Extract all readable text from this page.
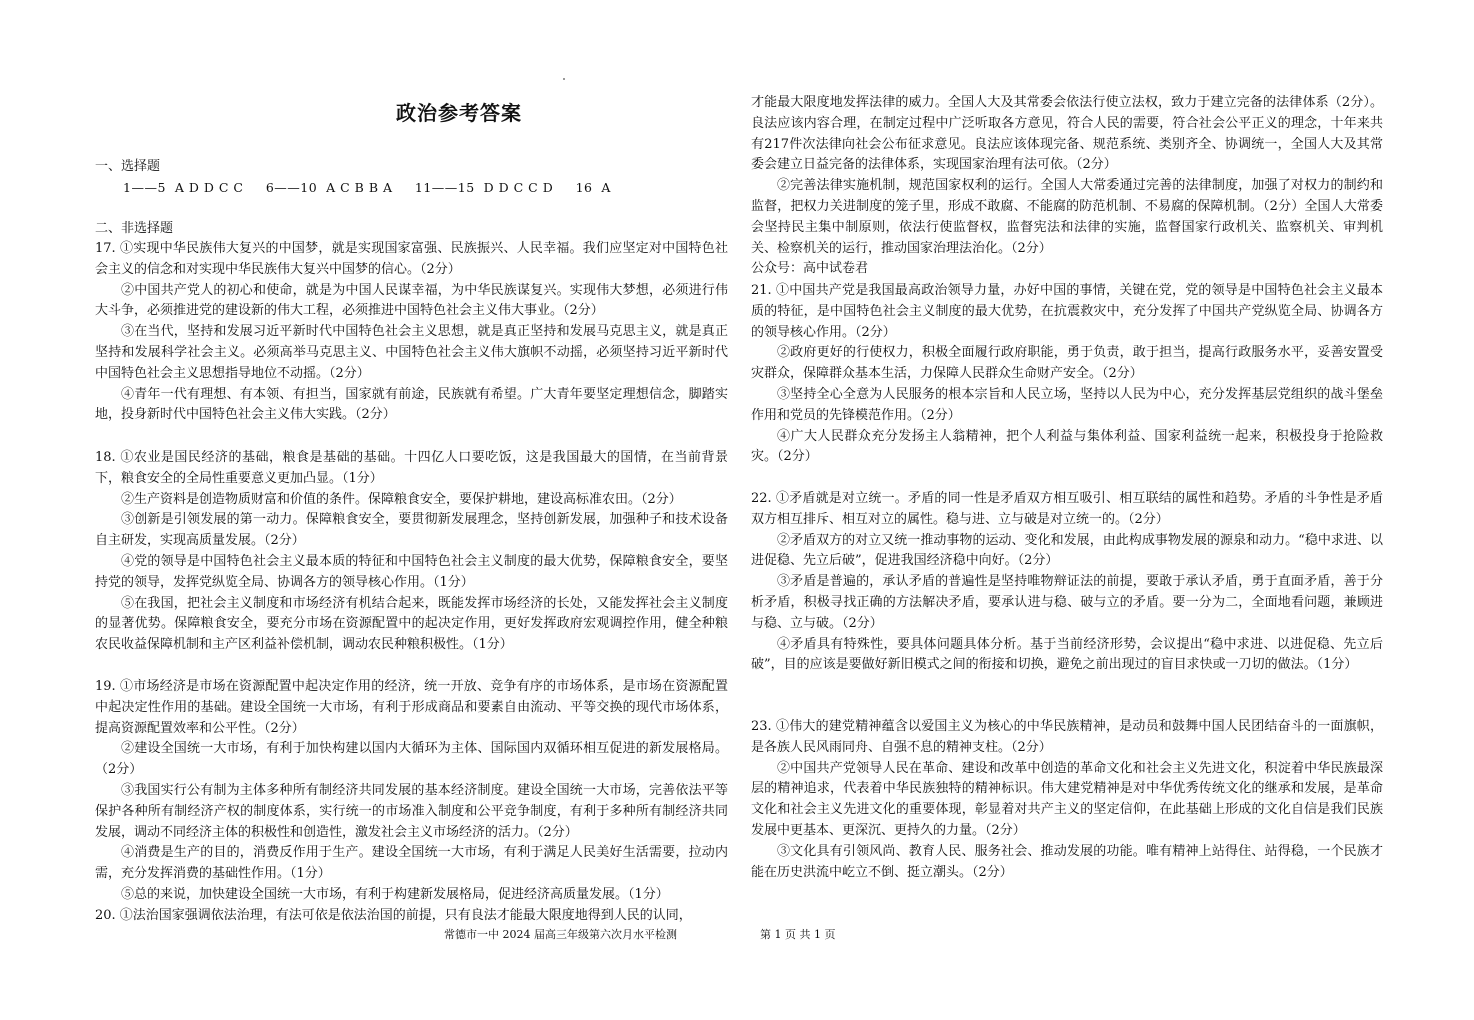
政治参考答案
一、选择题
1——5  A D D C C     6——10  A C B B A     11——15  D D C C D     16  A
二、非选择题

17. ①实现中华民族伟大复兴的中国梦，就是实现国家富强、民族振兴、人民幸福。我们应坚定对中国特色社会主义的信念和对实现中华民族伟大复兴中国梦的信心。（2分）

②中国共产党人的初心和使命，就是为中国人民谋幸福，为中华民族谋复兴。实现伟大梦想，必须进行伟大斗争，必须推进党的建设新的伟大工程，必须推进中国特色社会主义伟大事业。（2分）

③在当代，坚持和发展习近平新时代中国特色社会主义思想，就是真正坚持和发展马克思主义，就是真正坚持和发展科学社会主义。必须高举马克思主义、中国特色社会主义伟大旗帜不动摇，必须坚持习近平新时代中国特色社会主义思想指导地位不动摇。（2分）

④青年一代有理想、有本领、有担当，国家就有前途，民族就有希望。广大青年要坚定理想信念，脚踏实地，投身新时代中国特色社会主义伟大实践。（2分）

18. ①农业是国民经济的基础，粮食是基础的基础。十四亿人口要吃饭，这是我国最大的国情，在当前背景下，粮食安全的全局性重要意义更加凸显。（1分）

②生产资料是创造物质财富和价值的条件。保障粮食安全，要保护耕地，建设高标准农田。（2分）

③创新是引领发展的第一动力。保障粮食安全，要贯彻新发展理念，坚持创新发展，加强种子和技术设备自主研发，实现高质量发展。（2分）

④党的领导是中国特色社会主义最本质的特征和中国特色社会主义制度的最大优势，保障粮食安全，要坚持党的领导，发挥党纵览全局、协调各方的领导核心作用。（1分）

⑤在我国，把社会主义制度和市场经济有机结合起来，既能发挥市场经济的长处，又能发挥社会主义制度的显著优势。保障粮食安全，要充分市场在资源配置中的起决定作用，更好发挥政府宏观调控作用，健全种粮农民收益保障机制和主产区利益补偿机制，调动农民种粮积极性。（1分）

19. ①市场经济是市场在资源配置中起决定作用的经济，统一开放、竞争有序的市场体系，是市场在资源配置中起决定性作用的基础。建设全国统一大市场，有利于形成商品和要素自由流动、平等交换的现代市场体系，提高资源配置效率和公平性。（2分）

②建设全国统一大市场，有利于加快构建以国内大循环为主体、国际国内双循环相互促进的新发展格局。（2分）

③我国实行公有制为主体多种所有制经济共同发展的基本经济制度。建设全国统一大市场，完善依法平等保护各种所有制经济产权的制度体系，实行统一的市场准入制度和公平竞争制度，有利于多种所有制经济共同发展，调动不同经济主体的积极性和创造性，激发社会主义市场经济的活力。（2分）

④消费是生产的目的，消费反作用于生产。建设全国统一大市场，有利于满足人民美好生活需要，拉动内需，充分发挥消费的基础性作用。（1分）

⑤总的来说，加快建设全国统一大市场，有利于构建新发展格局，促进经济高质量发展。（1分）

20. ①法治国家强调依法治理，有法可依是依法治国的前提，只有良法才能最大限度地得到人民的认同，

才能最大限度地发挥法律的威力。全国人大及其常委会依法行使立法权，致力于建立完备的法律体系（2分）。良法应该内容合理，在制定过程中广泛听取各方意见，符合人民的需要，符合社会公平正义的理念，十年来共有217件次法律向社会公布征求意见。良法应该体现完备、规范系统、类别齐全、协调统一，全国人大及其常委会建立日益完备的法律体系，实现国家治理有法可依。（2分）

②完善法律实施机制，规范国家权利的运行。全国人大常委通过完善的法律制度，加强了对权力的制约和监督，把权力关进制度的笼子里，形成不敢腐、不能腐的防范机制、不易腐的保障机制。（2分）全国人大常委会坚持民主集中制原则，依法行使监督权，监督宪法和法律的实施，监督国家行政机关、监察机关、审判机关、检察机关的运行，推动国家治理法治化。（2分）

公众号：高中试卷君

21. ①中国共产党是我国最高政治领导力量，办好中国的事情，关键在党，党的领导是中国特色社会主义最本质的特征，是中国特色社会主义制度的最大优势，在抗震救灾中，充分发挥了中国共产党纵览全局、协调各方的领导核心作用。（2分）

②政府更好的行使权力，积极全面履行政府职能，勇于负责，敢于担当，提高行政服务水平，妥善安置受灾群众，保障群众基本生活，力保障人民群众生命财产安全。（2分）

③坚持全心全意为人民服务的根本宗旨和人民立场，坚持以人民为中心，充分发挥基层党组织的战斗堡垒作用和党员的先锋模范作用。（2分）

④广大人民群众充分发扬主人翁精神，把个人利益与集体利益、国家利益统一起来，积极投身于抢险救灾。（2分）

22. ①矛盾就是对立统一。矛盾的同一性是矛盾双方相互吸引、相互联结的属性和趋势。矛盾的斗争性是矛盾双方相互排斥、相互对立的属性。稳与进、立与破是对立统一的。（2分）

②矛盾双方的对立又统一推动事物的运动、变化和发展，由此构成事物发展的源泉和动力。“稳中求进、以进促稳、先立后破”，促进我国经济稳中向好。（2分）

③矛盾是普遍的，承认矛盾的普遍性是坚持唯物辩证法的前提，要敢于承认矛盾，勇于直面矛盾，善于分析矛盾，积极寻找正确的方法解决矛盾，要承认进与稳、破与立的矛盾。要一分为二，全面地看问题，兼顾进与稳、立与破。（2分）

④矛盾具有特殊性，要具体问题具体分析。基于当前经济形势，会议提出“稳中求进、以进促稳、先立后破”，目的应该是要做好新旧模式之间的衔接和切换，避免之前出现过的盲目求快或一刀切的做法。（1分）

23. ①伟大的建党精神蕴含以爱国主义为核心的中华民族精神，是动员和鼓舞中国人民团结奋斗的一面旗帜，是各族人民风雨同舟、自强不息的精神支柱。（2分）

②中国共产党领导人民在革命、建设和改革中创造的革命文化和社会主义先进文化，积淀着中华民族最深层的精神追求，代表着中华民族独特的精神标识。伟大建党精神是对中华优秀传统文化的继承和发展，是革命文化和社会主义先进文化的重要体现，彰显着对共产主义的坚定信仰，在此基础上形成的文化自信是我们民族发展中更基本、更深沉、更持久的力量。（2分）

③文化具有引领风尚、教育人民、服务社会、推动发展的功能。唯有精神上站得住、站得稳，一个民族才能在历史洪流中屹立不倒、挺立潮头。（2分）

常德市一中 2024 届高三年级第六次月水平检测	第 1 页 共 1 页
